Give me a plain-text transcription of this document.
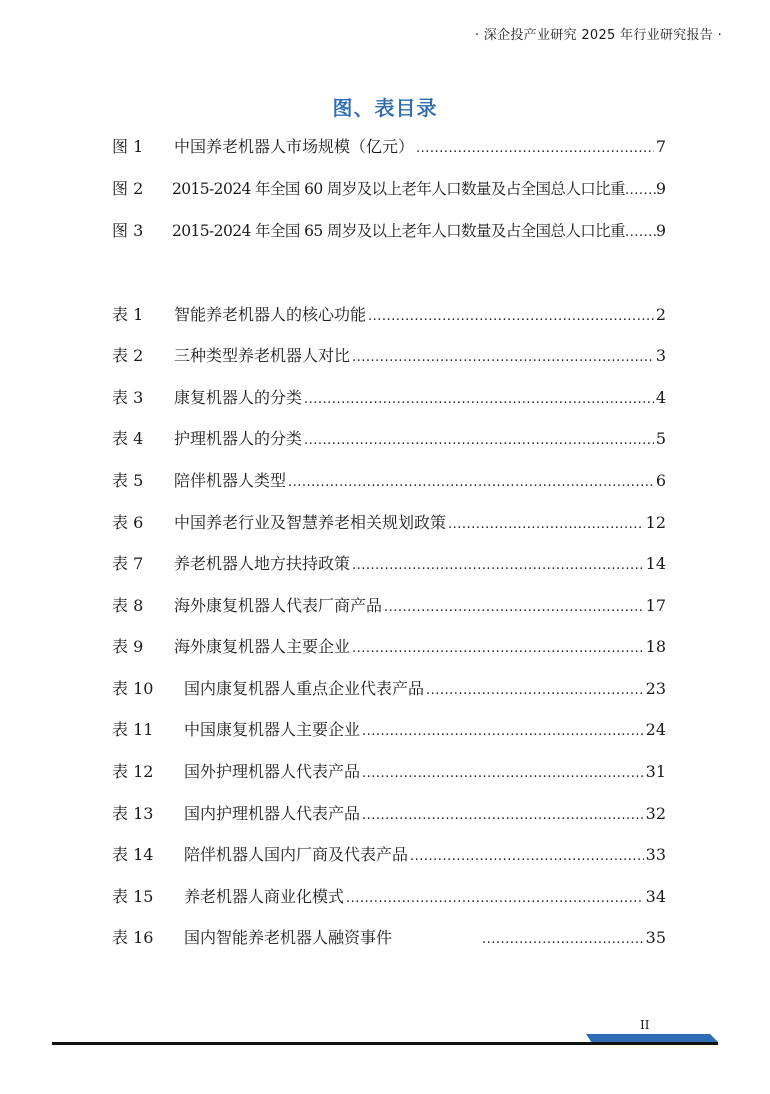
· 深企投产业研究 2025 年行业研究报告 ·
图、表目录
图 1	中国养老机器人市场规模（亿元） .....	7
图 2	2015-2024 年全国 60 周岁及以上老年人口数量及占全国总人口比重 ..... 9
图 3	2015-2024 年全国 65 周岁及以上老年人口数量及占全国总人口比重 ..... 9
表 1	智能养老机器人的核心功能 .....	2
表 2	三种类型养老机器人对比 .....	3
表 3	康复机器人的分类 .....	4
表 4	护理机器人的分类 .....	5
表 5	陪伴机器人类型 .....	6
表 6	中国养老行业及智慧养老相关规划政策 .....	12
表 7	养老机器人地方扶持政策 .....	14
表 8	海外康复机器人代表厂商产品 .....	17
表 9	海外康复机器人主要企业 .....	18
表 10	国内康复机器人重点企业代表产品 .....	23
表 11	中国康复机器人主要企业 .....	24
表 12	国外护理机器人代表产品 .....	31
表 13	国内护理机器人代表产品 .....	32
表 14	陪伴机器人国内厂商及代表产品 .....	33
表 15	养老机器人商业化模式 .....	34
表 16	国内智能养老机器人融资事件 .....	35
II
